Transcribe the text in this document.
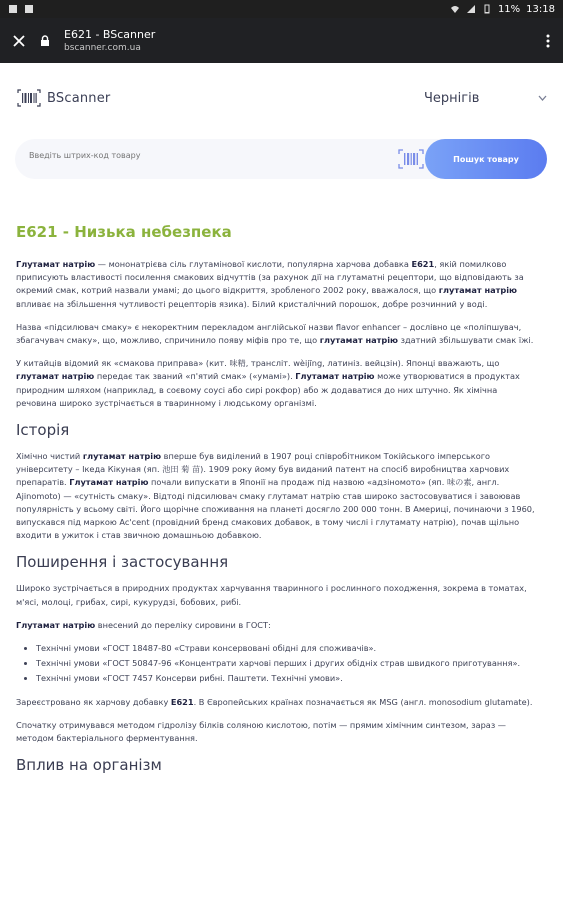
11% 13:18
E621 - BScanner
bscanner.com.ua
BScanner	Чернігів
Введіть штрих-код товару
Пошук товару
E621 - Низька небезпека

Глутамат натрію — мононатрієва сіль глутамінової кислоти, популярна харчова добавка E621, якій помилково приписують властивості посилення смакових відчуттів (за рахунок дії на глутаматні рецептори, що відповідають за окремий смак, котрий назвали умамі; до цього відкриття, зробленого 2002 року, вважалося, що глутамат натрію впливає на збільшення чутливості рецепторів язика). Білий кристалічний порошок, добре розчинний у воді.

Назва «підсилювач смаку» є некоректним перекладом англійської назви flavor enhancer – дослівно це «поліпшувач, збагачувач смаку», що, можливо, спричинило появу міфів про те, що глутамат натрію здатний збільшувати смак їжі.

У китайців відомий як «смакова приправа» (кит. 味精, трансліт. wèijīng, латиніз. вейцзін). Японці вважають, що глутамат натрію передає так званий «п'ятий смак» («умамі»). Глутамат натрію може утворюватися в продуктах природним шляхом (наприклад, в соєвому соусі або сирі рокфор) або ж додаватися до них штучно. Як хімічна речовина широко зустрічається в тваринному і людському організмі.

Історія

Хімічно чистий глутамат натрію вперше був виділений в 1907 році співробітником Токійського імперського університету – Ікеда Кікуная (яп. 池田 菊 苗). 1909 року йому був виданий патент на спосіб виробництва харчових препаратів. Глутамат натрію почали випускати в Японії на продаж під назвою «адзіномото» (яп. 味の素, англ. Ajinomoto) — «сутність смаку». Відтоді підсилювач смаку глутамат натрію став широко застосовуватися і завоював популярність у всьому світі. Його щорічне споживання на планеті досягло 200 000 тонн. В Америці, починаючи з 1960, випускався під маркою Ac'cent (провідний бренд смакових добавок, в тому числі і глутамату натрію), почав щільно входити в ужиток і став звичною домашньою добавкою.

Поширення і застосування

Широко зустрічається в природних продуктах харчування тваринного і рослинного походження, зокрема в томатах, м'ясі, молоці, грибах, сирі, кукурудзі, бобових, рибі.

Глутамат натрію внесений до переліку сировини в ГОСТ:

• Технічні умови «ГОСТ 18487-80 «Страви консервовані обідні для споживачів».
• Технічні умови «ГОСТ 50847-96 «Концентрати харчові перших і других обідніх страв швидкого приготування».
• Технічні умови «ГОСТ 7457 Консерви рибні. Паштети. Технічні умови».

Зареєстровано як харчову добавку E621. В Європейських країнах позначається як MSG (англ. monosodium glutamate).

Спочатку отримувався методом гідролізу білків соляною кислотою, потім — прямим хімічним синтезом, зараз — методом бактеріального ферментування.

Вплив на організм
